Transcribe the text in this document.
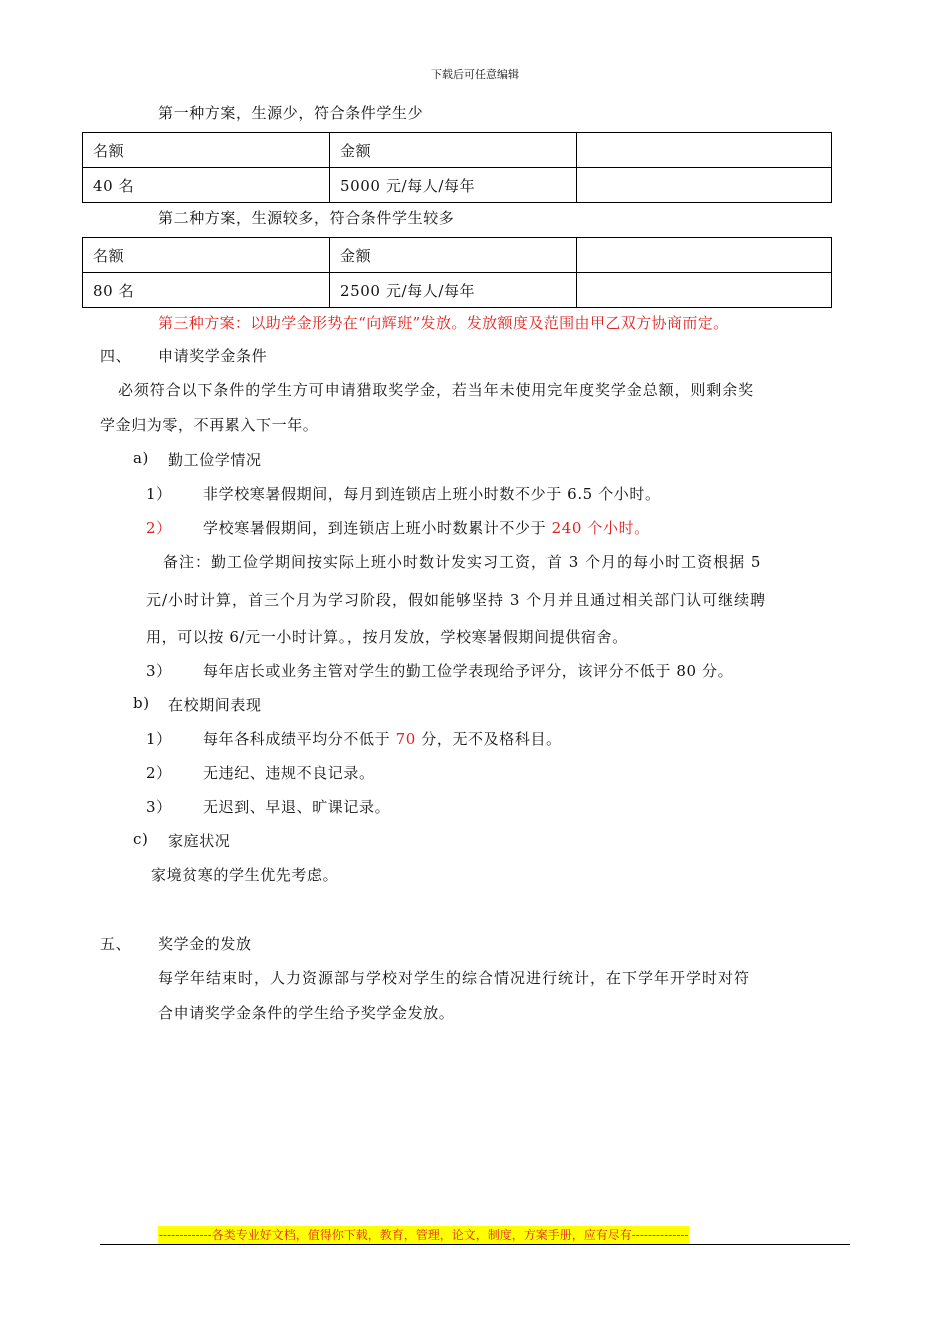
下载后可任意编辑
第一种方案，生源少，符合条件学生少
名额	金额	
40 名	5000 元/每人/每年	
第二种方案，生源较多，符合条件学生较多
名额	金额	
80 名	2500 元/每人/每年	
第三种方案：以助学金形势在“向辉班”发放。发放额度及范围由甲乙双方协商而定。
四、 申请奖学金条件
必须符合以下条件的学生方可申请猎取奖学金，若当年未使用完年度奖学金总额，则剩余奖
学金归为零，不再累入下一年。
a) 勤工俭学情况
1） 非学校寒暑假期间，每月到连锁店上班小时数不少于 6.5 个小时。
2） 学校寒暑假期间，到连锁店上班小时数累计不少于 240 个小时。
备注：勤工俭学期间按实际上班小时数计发实习工资，首 3 个月的每小时工资根据 5
元/小时计算，首三个月为学习阶段，假如能够坚持 3 个月并且通过相关部门认可继续聘
用，可以按 6/元一小时计算。，按月发放，学校寒暑假期间提供宿舍。
3） 每年店长或业务主管对学生的勤工俭学表现给予评分，该评分不低于 80 分。
b) 在校期间表现
1） 每年各科成绩平均分不低于 70 分，无不及格科目。
2） 无违纪、违规不良记录。
3） 无迟到、早退、旷课记录。
c) 家庭状况
家境贫寒的学生优先考虑。
五、 奖学金的发放
每学年结束时，人力资源部与学校对学生的综合情况进行统计，在下学年开学时对符
合申请奖学金条件的学生给予奖学金发放。
-------------各类专业好文档，值得你下载，教育，管理，论文，制度，方案手册，应有尽有--------------
